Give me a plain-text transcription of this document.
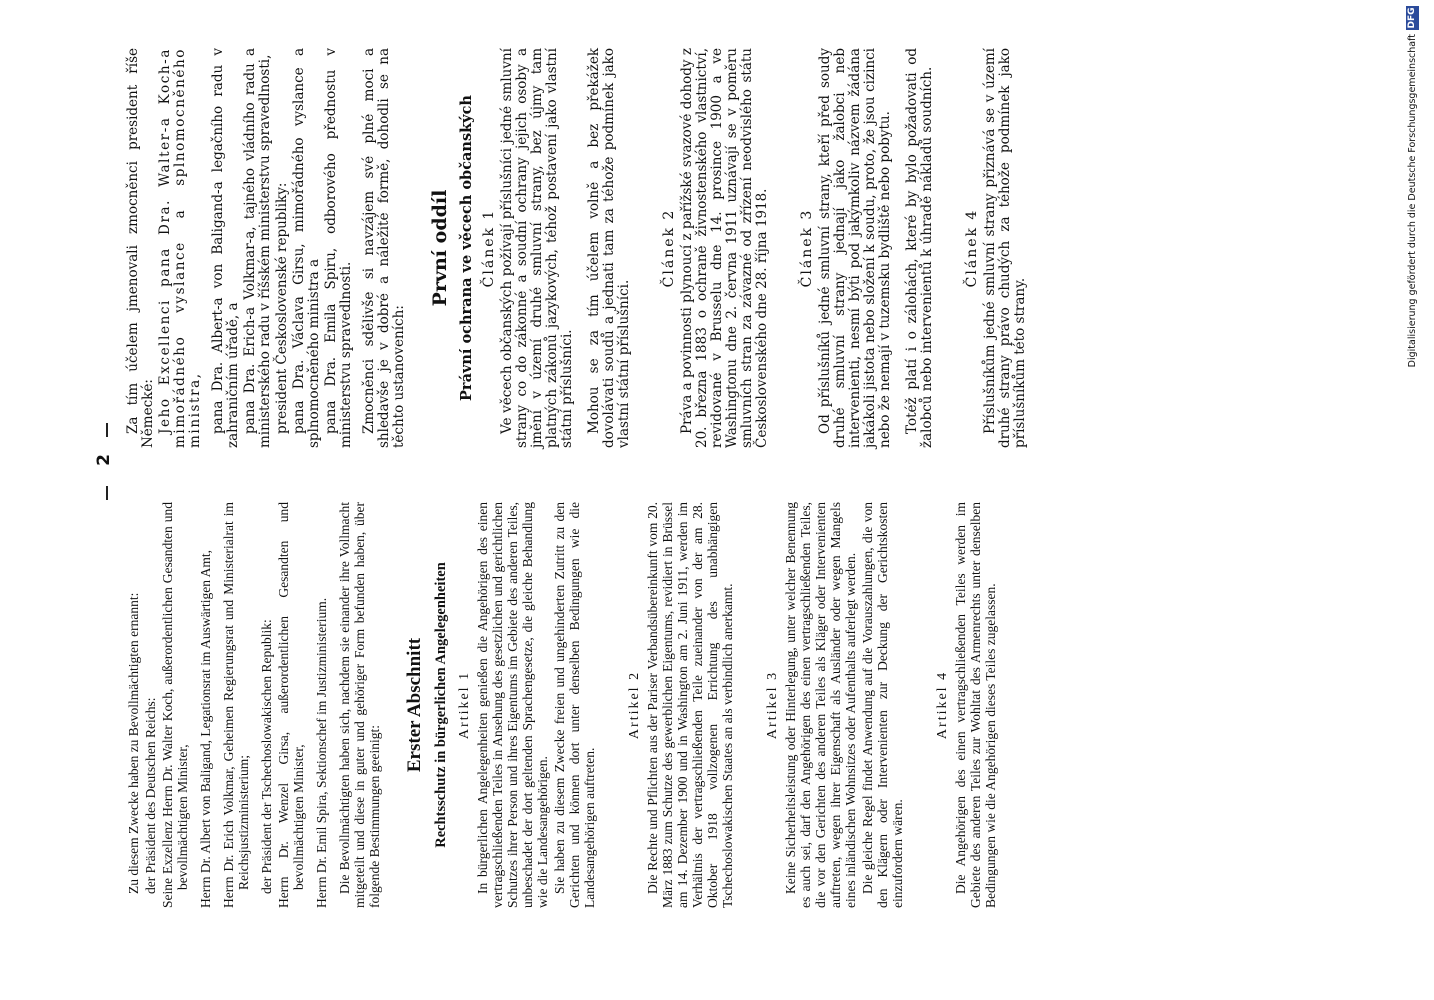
2

Zu diesem Zwecke haben zu Bevollmächtigten ernannt: der Präsident des Deutschen Reichs: Seine Exzellenz Herrn Dr. Walter Koch, außerordentlichen Gesandten und bevollmächtigten Minister, Herrn Dr. Albert von Baligand, Legationsrat im Auswärtigen Amt, Herrn Dr. Erich Volkmar, Geheimen Regierungsrat und Ministerialrat im Reichsjustizministerium; der Präsident der Tschechoslowakischen Republik: Herrn Dr. Wenzel Girsa, außerordentlichen Gesandten und bevollmächtigten Minister, Herrn Dr. Emil Spira, Sektionschef im Justizministerium. Die Bevollmächtigten haben sich, nachdem sie einander ihre Vollmacht mitgeteilt und diese in guter und gehöriger Form befunden haben, über folgende Bestimmungen geeinigt:

Erster Abschnitt Rechtsschutz in bürgerlichen Angelegenheiten Artikel 1 In bürgerlichen Angelegenheiten genießen die Angehörigen des einen vertragschließenden Teiles in Ansehung des gesetzlichen und gerichtlichen Schutzes ihrer Person und ihres Eigentums im Gebiete des anderen Teiles, unbeschadet der dort geltenden Sprachengesetze, die gleiche Behandlung wie die Landesangehörigen. Sie haben zu diesem Zwecke freien und ungehinderten Zutritt zu den Gerichten und können dort unter denselben Bedingungen wie die Landesangehörigen auftreten.

Artikel 2 Die Rechte und Pflichten aus der Pariser Verbandsübereinkunft vom 20. März 1883 zum Schutze des gewerblichen Eigentums, revidiert in Brüssel am 14. Dezember 1900 und in Washington am 2. Juni 1911, werden im Verhältnis der vertragschließenden Teile zueinander von der am 28. Oktober 1918 vollzogenen Errichtung des unabhängigen Tschechoslowakischen Staates an als verbindlich anerkannt. Artikel 3 Keine Sicherheitsleistung oder Hinterlegung, unter welcher Benennung es auch sei, darf den Angehörigen des einen vertragschließenden Teiles, die vor den Gerichten des anderen Teiles als Kläger oder Intervenienten auftreten, wegen ihrer Eigenschaft als Ausländer oder wegen Mangels eines inländischen Wohnsitzes oder Aufenthalts auferlegt werden. Die gleiche Regel findet Anwendung auf die Vorauszahlungen, die von den Klägern oder Intervenienten zur Deckung der Gerichtskosten einzufordern wären.

Artikel 4 Die Angehörigen des einen vertragschließenden Teiles werden im Gebiete des anderen Teiles zur Wohltat des Armenrechts unter denselben Bedingungen wie die Angehörigen dieses Teiles zugelassen.

Za tím účelem jmenovali zmocněnci president říše Německé: Jeho Excellenci pana Dra. Walter-a Koch-a mimořádného vyslance a splnomocněného ministra, pana Dra. Albert-a von Baligand-a legačního radu v zahraničním úřadě, a pana Dra. Erich-a Volkmar-a, tajného vládního radu a ministerského radu v říšském ministerstvu spravedlnosti, president Československé republiky: pana Dra. Václava Girsu, mimořádného vyslance a splnomocněného ministra a pana Dra. Emila Spiru, odborového přednostu v ministerstvu spravedlnosti. Zmocněnci sdělivše si navzájem své plné moci a shledavše je v dobré a náležité formě, dohodli se na těchto ustanoveních:

První oddíl Právní ochrana ve věcech občanských Článek 1 Ve věcech občanských požívají příslušníci jedné smluvní strany co do zákonné a soudní ochrany jejich osoby a jmění v území druhé smluvní strany, bez újmy tam platných zákonů jazykových, téhož postavení jako vlastní státní příslušníci. Mohou se za tím účelem volně a bez překážek dovolávati soudů a jednati tam za téhože podmínek jako vlastní státní příslušníci.

Článek 2 Práva a povinnosti plynoucí z pařížské svazové dohody z 20. března 1883 o ochraně živnostenského vlastnictví, revidované v Brusselu dne 14. prosince 1900 a ve Washingtonu dne 2. června 1911 uznávají se v poměru smluvních stran za závazné od zřízení neodvislého státu Československého dne 28. října 1918. Článek 3 Od příslušníků jedné smluvní strany, kteří před soudy druhé smluvní strany jednají jako žalobci neb intervenienti, nesmí býti pod jakýmkoliv názvem žádána jakákoli jistota nebo složení k soudu, proto, že jsou cizinci nebo že nemají v tuzemsku bydliště nebo pobytu. Totéž platí i o zálohách, které by bylo požadovati od žalobců nebo intervenientů k úhradě nákladů soudních. Článek 4 Příslušníkům jedné smluvní strany přiznává se v území druhé strany právo chudých za téhože podmínek jako příslušníkům této strany.	Digitalisierung gefördert durch die Deutsche Forschungsgemeinschaft
DFG
